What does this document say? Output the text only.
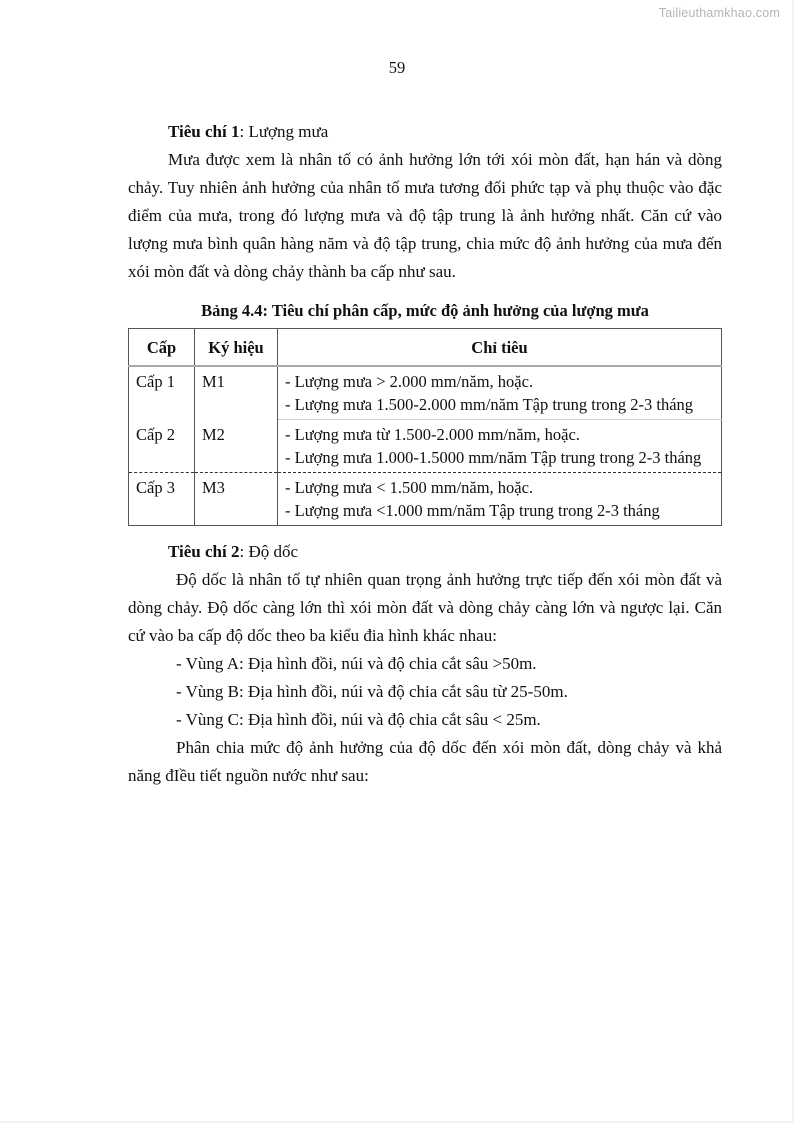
Tailieuthamkhao.com
59

Tiêu chí 1: Lượng mưa

Mưa được xem là nhân tố có ảnh hưởng lớn tới xói mòn đất, hạn hán và dòng chảy. Tuy nhiên ảnh hưởng của nhân tố mưa tương đối phức tạp và phụ thuộc vào đặc điểm của mưa, trong đó lượng mưa và độ tập trung là ảnh hưởng nhất. Căn cứ vào lượng mưa bình quân hàng năm và độ tập trung, chia mức độ ảnh hưởng của mưa đến xói mòn đất và dòng chảy thành ba cấp như sau.

Bảng 4.4: Tiêu chí phân cấp, mức độ ảnh hưởng của lượng mưa
Cấp	Ký hiệu	Chỉ tiêu
Cấp 1	M1	- Lượng mưa > 2.000 mm/năm, hoặc.
- Lượng mưa 1.500-2.000 mm/năm Tập trung trong 2-3 tháng

Cấp 2	M2	- Lượng mưa từ 1.500-2.000 mm/năm, hoặc.
- Lượng mưa 1.000-1.5000 mm/năm Tập trung trong 2-3 tháng

Cấp 3	M3	- Lượng mưa < 1.500 mm/năm, hoặc.
- Lượng mưa <1.000 mm/năm Tập trung trong 2-3 tháng

Tiêu chí 2: Độ dốc

Độ dốc là nhân tố tự nhiên quan trọng ảnh hưởng trực tiếp đến xói mòn đất và dòng chảy. Độ dốc càng lớn thì xói mòn đất và dòng chảy càng lớn và ngược lại. Căn cứ vào ba cấp độ dốc theo ba kiểu đia hình khác nhau:

- Vùng A: Địa hình đồi, núi và độ chia cắt sâu >50m.
- Vùng B: Địa hình đồi, núi và độ chia cắt sâu từ 25-50m.
- Vùng C: Địa hình đồi, núi và độ chia cắt sâu < 25m.

Phân chia mức độ ảnh hưởng của độ dốc đến xói mòn đất, dòng chảy và khả năng đIều tiết nguồn nước như sau:
